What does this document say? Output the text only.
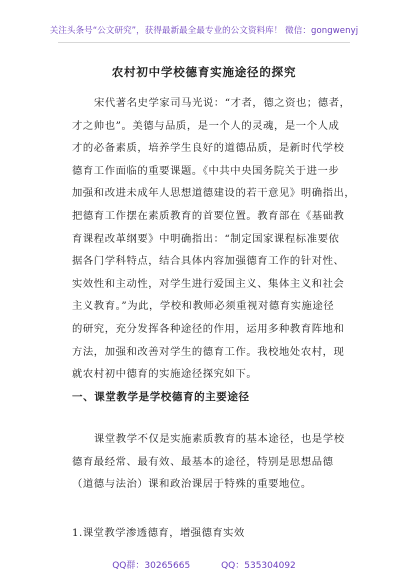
关注头条号“公文研究”，获得最新最全最专业的公文资料库！ 微信：gongwenyj
农村初中学校德育实施途径的探究
宋代著名史学家司马光说：“才者，德之资也；德者，
才之帅也”。美德与品质，是一个人的灵魂，是一个人成
才的必备素质，培养学生良好的道德品质，是新时代学校
德育工作面临的重要课题。《中共中央国务院关于进一步
加强和改进未成年人思想道德建设的若干意见》明确指出，
把德育工作摆在素质教育的首要位置。教育部在《基础教
育课程改革纲要》中明确指出：“制定国家课程标准要依
据各门学科特点，结合具体内容加强德育工作的针对性、
实效性和主动性，对学生进行爱国主义、集体主义和社会
主义教育。”为此，学校和教师必须重视对德育实施途径
的研究，充分发挥各种途径的作用，运用多种教育阵地和
方法，加强和改善对学生的德育工作。我校地处农村，现
就农村初中德育的实施途径探究如下。
一、课堂教学是学校德育的主要途径
课堂教学不仅是实施素质教育的基本途径，也是学校
德育最经常、最有效、最基本的途径，特别是思想品德
（道德与法治）课和政治课居于特殊的重要地位。
1.课堂教学渗透德育，增强德育实效
QQ群：30265665	QQ：535304092
